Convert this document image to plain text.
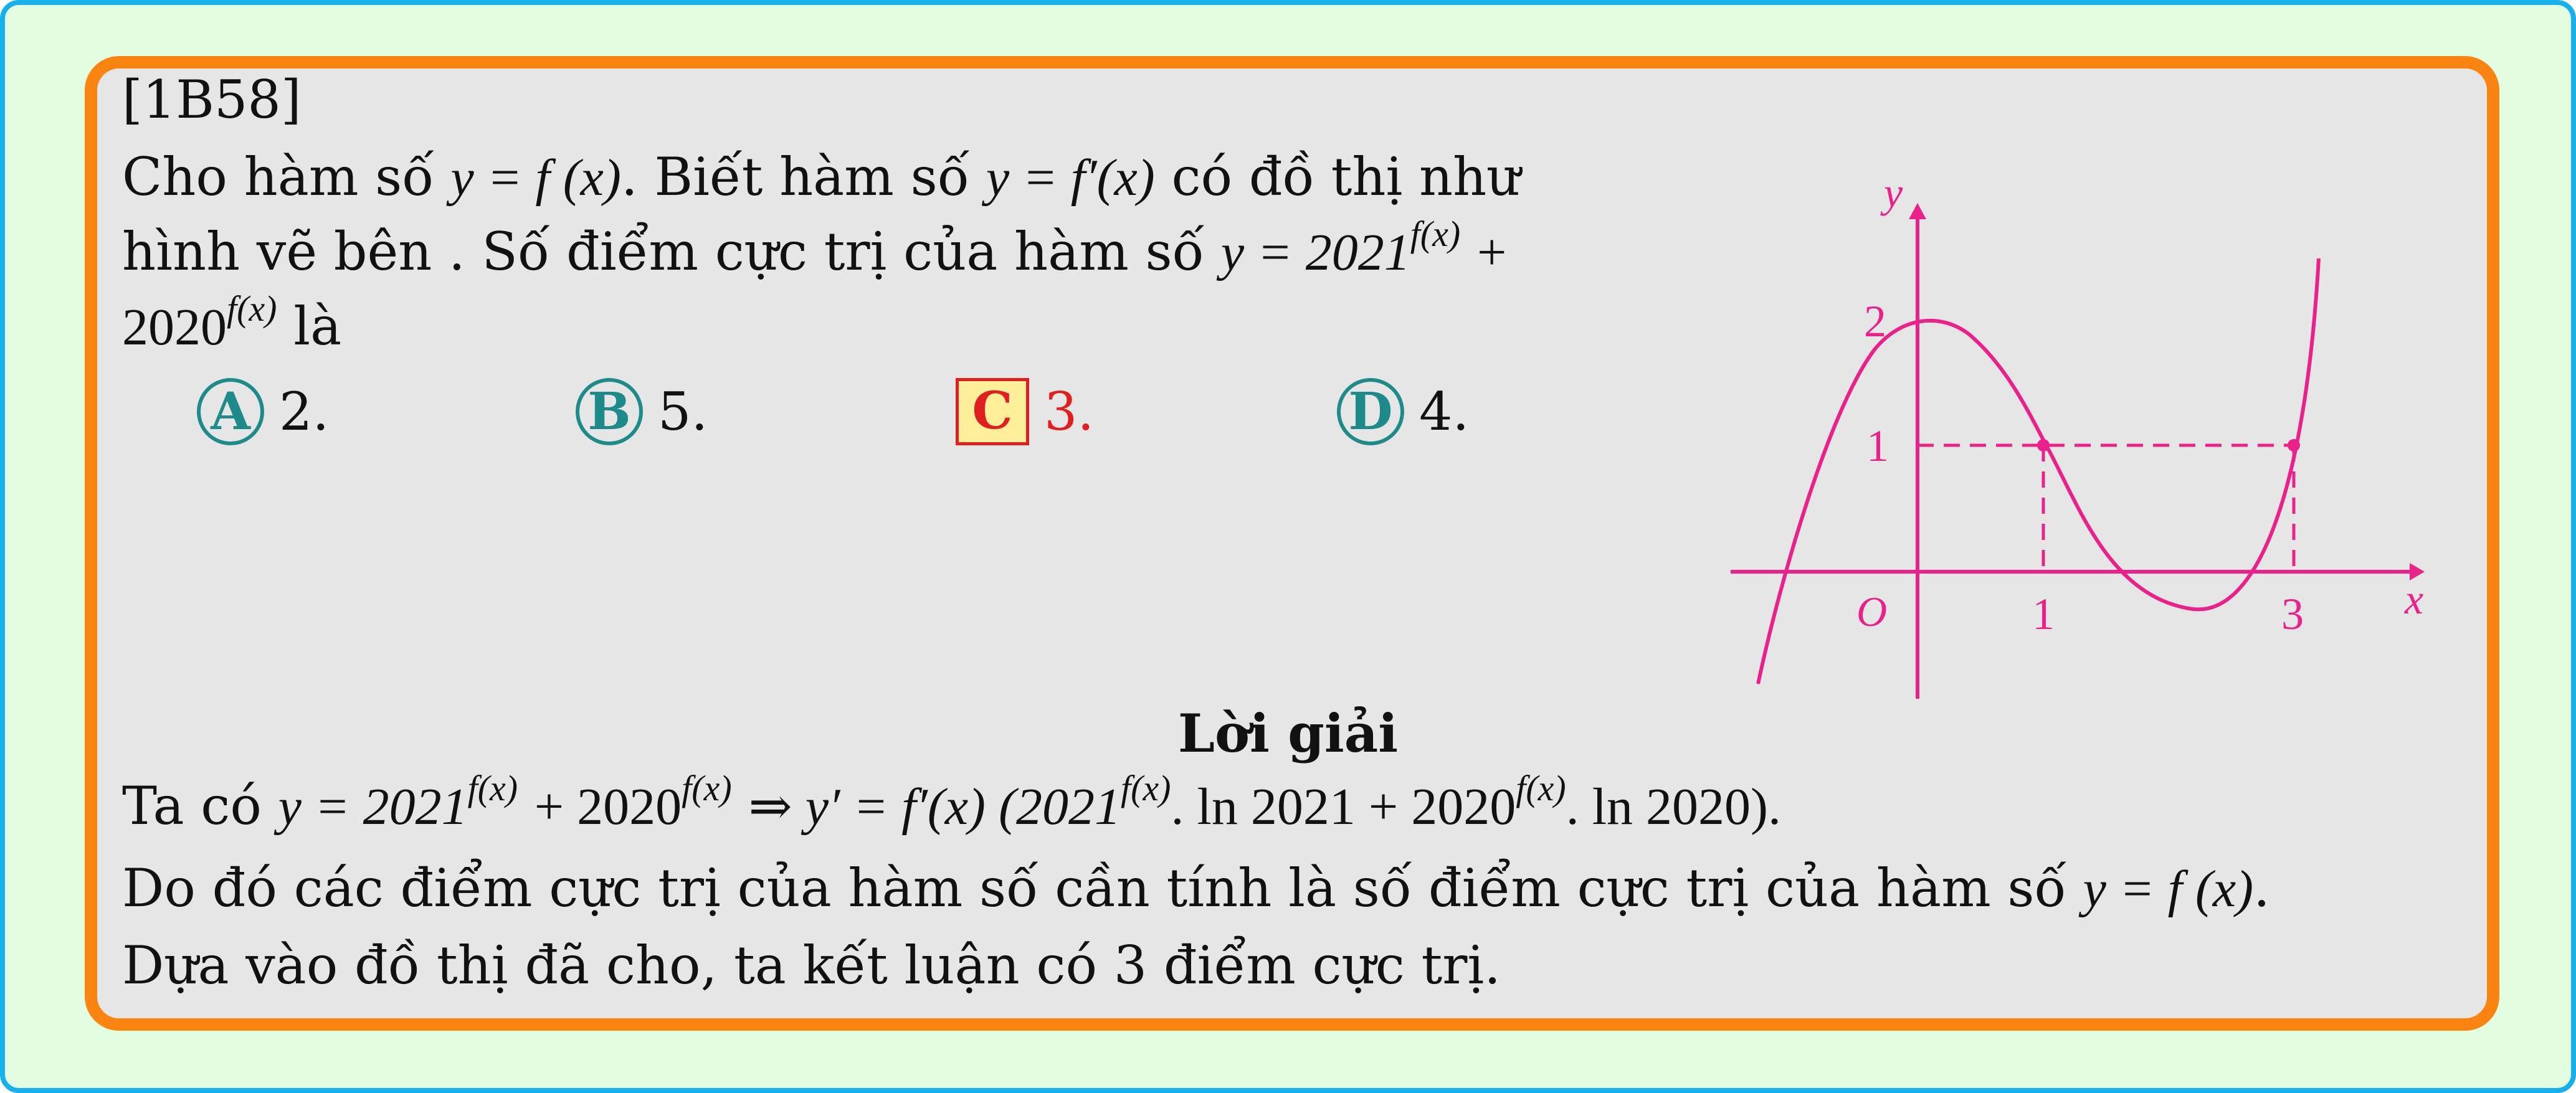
[1B58]
Cho hàm số y = f (x). Biết hàm số y = f′(x) có đồ thị như
hình vẽ bên . Số điểm cực trị của hàm số $y = 2021^{f(x)}$ +
$2020^{f(x)}$ là
A 2.	B 5.	C 3.	D 4.
y
x
O
2
1
1	3
Lời giải
Ta có $y = 2021^{f(x)} + 2020^{f(x)}$ ⇒ y′ = f′(x) ($2021^{f(x)}$. $\ln 2021 + 2020^{f(x)}$. ln 2020).
Do đó các điểm cực trị của hàm số cần tính là số điểm cực trị của hàm số y = f (x).
Dựa vào đồ thị đã cho, ta kết luận có 3 điểm cực trị.
